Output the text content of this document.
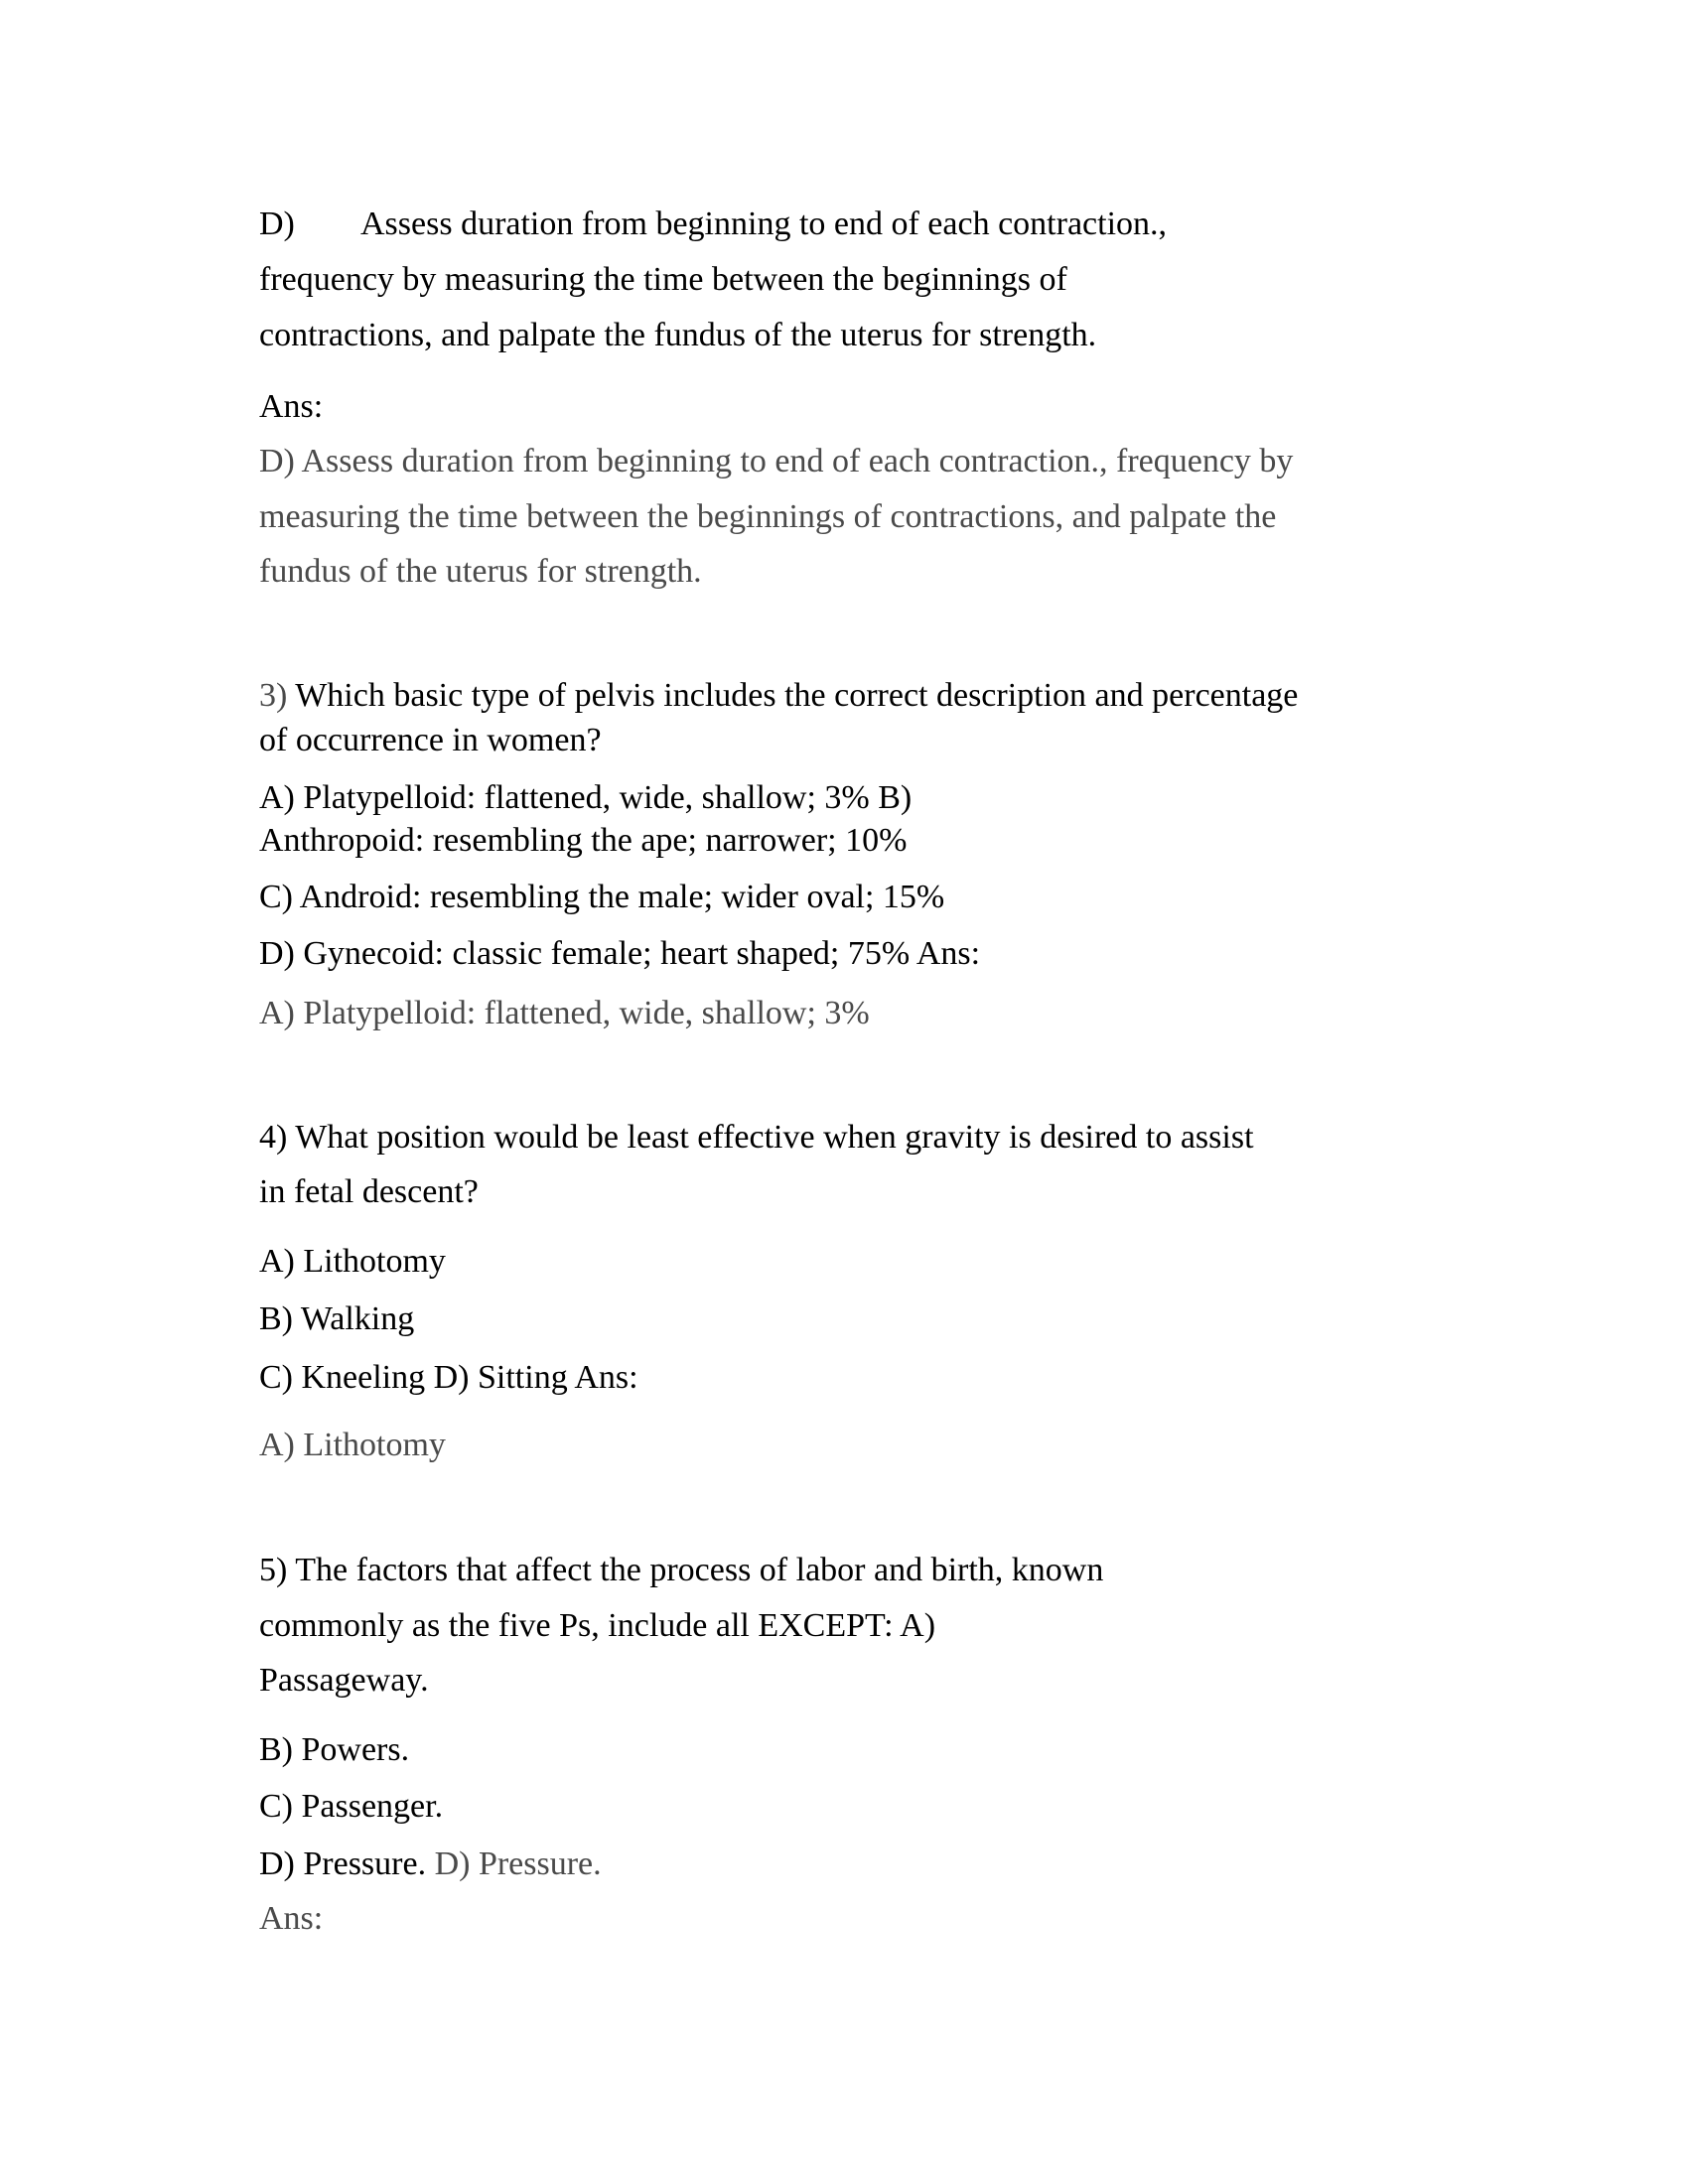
D) Assess duration from beginning to end of each contraction.,
frequency by measuring the time between the beginnings of
contractions, and palpate the fundus of the uterus for strength.
Ans:
D) Assess duration from beginning to end of each contraction., frequency by
measuring the time between the beginnings of contractions, and palpate the
fundus of the uterus for strength.
3) Which basic type of pelvis includes the correct description and percentage
of occurrence in women?
A) Platypelloid: flattened, wide, shallow; 3% B)
Anthropoid: resembling the ape; narrower; 10%
C) Android: resembling the male; wider oval; 15%
D) Gynecoid: classic female; heart shaped; 75% Ans:
A) Platypelloid: flattened, wide, shallow; 3%
4) What position would be least effective when gravity is desired to assist
in fetal descent?
A) Lithotomy
B) Walking
C) Kneeling D) Sitting Ans:
A) Lithotomy
5) The factors that affect the process of labor and birth, known
commonly as the five Ps, include all EXCEPT: A)
Passageway.
B) Powers.
C) Passenger.
D) Pressure. D) Pressure.
Ans:
